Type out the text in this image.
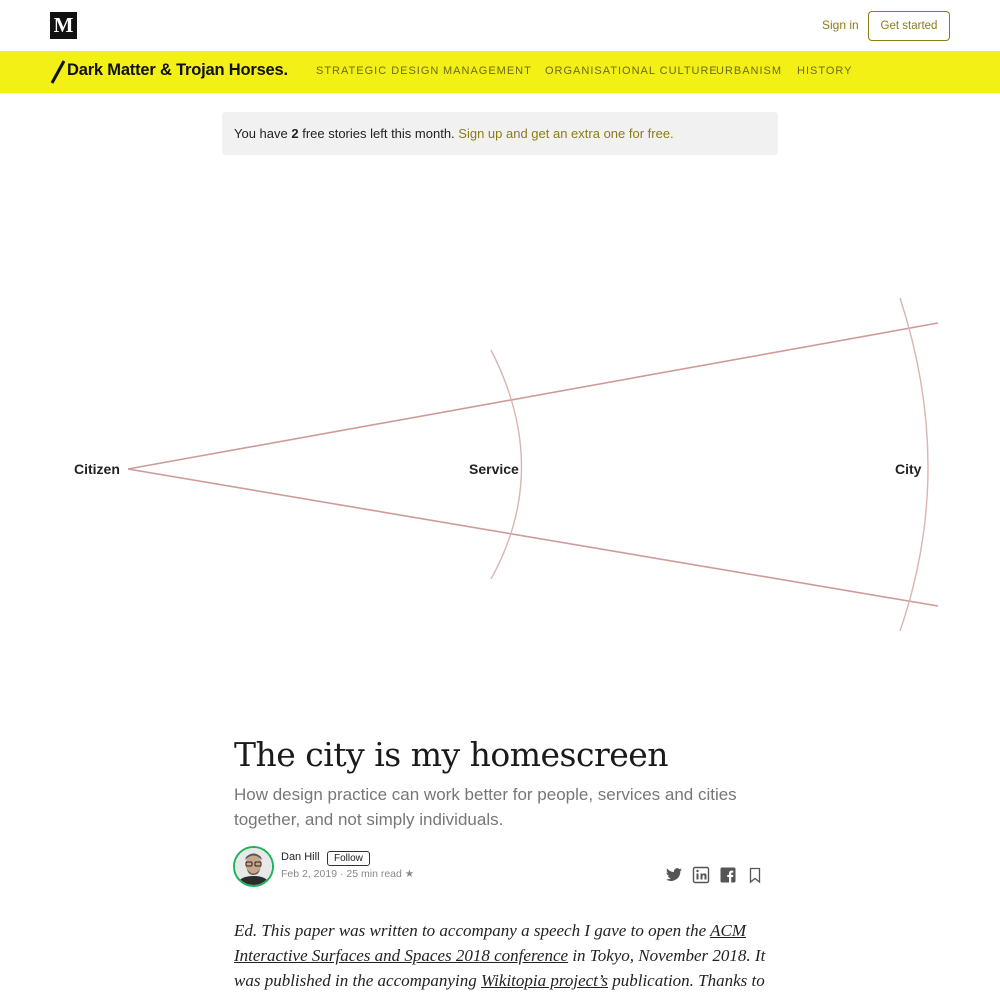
M	Sign in	Get started
Dark Matter & Trojan Horses.	STRATEGIC DESIGN MANAGEMENT ORGANISATIONAL CULTURE
URBANISM HISTORY
You have 2 free stories left this month. Sign up and get an extra one for free.
Citizen	Service	City
The city is my homescreen
How design practice can work better for people, services and cities together, and not simply individuals.
Dan Hill	Follow
Feb 2, 2019 · 25 min read ★
Ed. This paper was written to accompany a speech I gave to open the ACM Interactive Surfaces and Spaces 2018 conference in Tokyo, November 2018. It was published in the accompanying Wikitopia project’s publication. Thanks to
